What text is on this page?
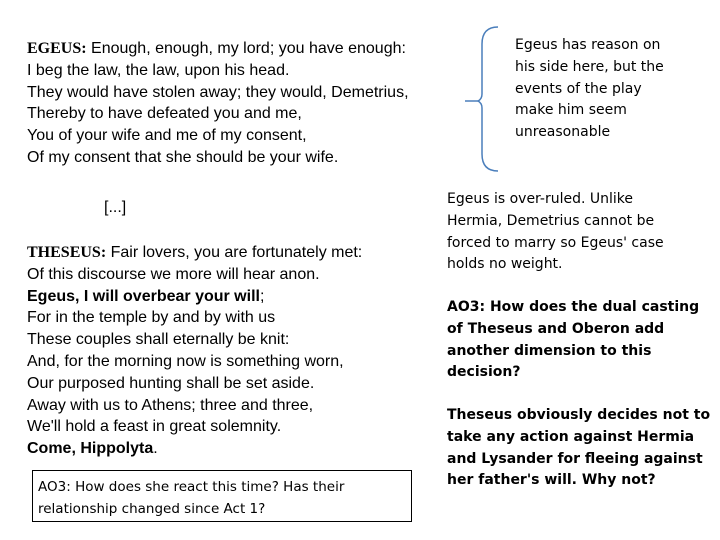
EGEUS: Enough, enough, my lord; you have enough:
I beg the law, the law, upon his head.
They would have stolen away; they would, Demetrius,
Thereby to have defeated you and me,
You of your wife and me of my consent,
Of my consent that she should be your wife.
[...]
THESEUS: Fair lovers, you are fortunately met:
Of this discourse we more will hear anon.
Egeus, I will overbear your will;
For in the temple by and by with us
These couples shall eternally be knit:
And, for the morning now is something worn,
Our purposed hunting shall be set aside.
Away with us to Athens; three and three,
We'll hold a feast in great solemnity.
Come, Hippolyta.
AO3: How does she react this time? Has their
relationship changed since Act 1?
Egeus has reason on
his side here, but the
events of the play
make him seem
unreasonable
Egeus is over-ruled. Unlike
Hermia, Demetrius cannot be
forced to marry so Egeus' case
holds no weight.
AO3: How does the dual casting
of Theseus and Oberon add
another dimension to this
decision?
Theseus obviously decides not to
take any action against Hermia
and Lysander for fleeing against
her father's will. Why not?
